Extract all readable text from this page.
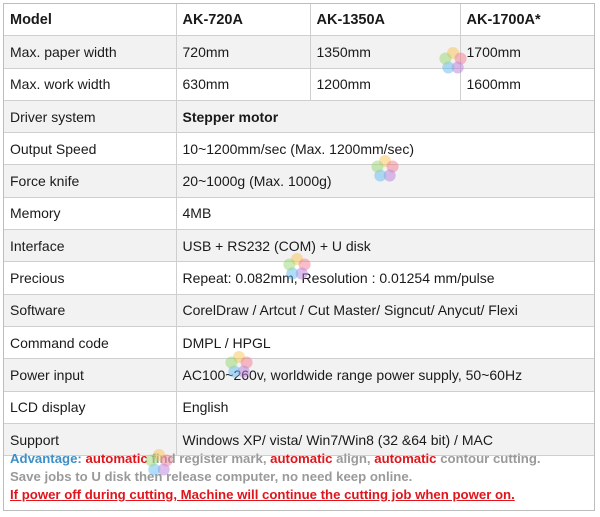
Model	AK-720A	AK-1350A	AK-1700A*
Max. paper width	720mm	1350mm	1700mm
Max. work width	630mm	1200mm	1600mm
Driver system	Stepper motor		
Output Speed	10~1200mm/sec (Max. 1200mm/sec)		
Force knife	20~1000g (Max. 1000g)		
Memory	4MB		
Interface	USB + RS232 (COM) + U disk		
Precious	Repeat: 0.082mm, Resolution : 0.01254 mm/pulse		
Software	CorelDraw / Artcut / Cut Master/ Signcut/ Anycut/ Flexi		
Command code	DMPL / HPGL		
Power input	AC100~260v, worldwide range power supply, 50~60Hz		
LCD display	English		
Support	Windows XP/ vista/ Win7/Win8 (32 &64 bit) / MAC		
Advantage: automatic find register mark, automatic align, automatic contour cutting.
Save jobs to U disk then release computer, no need keep online.
If power off during cutting, Machine will continue the cutting job when power on.
